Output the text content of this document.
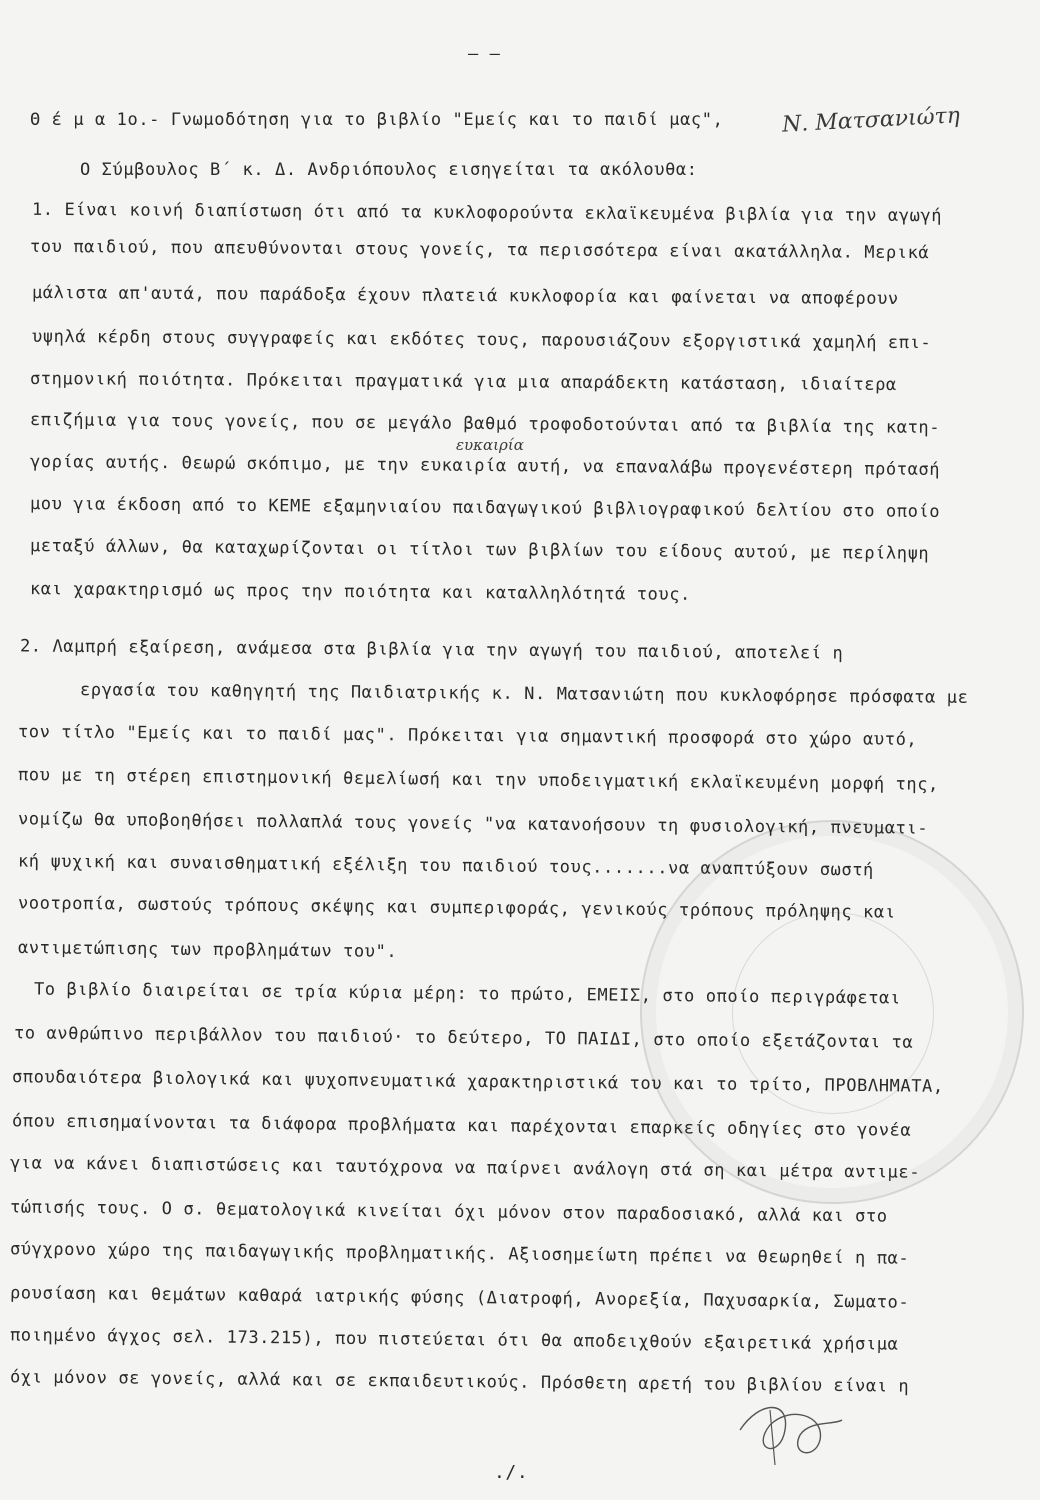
– –
Θ έ μ α 1ο.- Γνωμοδότηση για το βιβλίο "Εμείς και το παιδί μας",	Ν. Ματσανιώτη
Ο Σύμβουλος Β΄ κ. Δ. Ανδριόπουλος εισηγείται τα ακόλουθα:
1. Είναι κοινή διαπίστωση ότι από τα κυκλοφορούντα εκλαϊκευμένα βιβλία για την αγωγή
του παιδιού, που απευθύνονται στους γονείς, τα περισσότερα είναι ακατάλληλα. Μερικά
μάλιστα απ'αυτά, που παράδοξα έχουν πλατειά κυκλοφορία και φαίνεται να αποφέρουν
υψηλά κέρδη στους συγγραφείς και εκδότες τους, παρουσιάζουν εξοργιστικά χαμηλή επι-
στημονική ποιότητα. Πρόκειται πραγματικά για μια απαράδεκτη κατάσταση, ιδιαίτερα
επιζήμια για τους γονείς, που σε μεγάλο βαθμό τροφοδοτούνται από τα βιβλία της κατη-
ευκαιρία
γορίας αυτής. Θεωρώ σκόπιμο, με την ευκαιρία αυτή, να επαναλάβω προγενέστερη πρότασή
μου για έκδοση από το ΚΕΜΕ εξαμηνιαίου παιδαγωγικού βιβλιογραφικού δελτίου στο οποίο
μεταξύ άλλων, θα καταχωρίζονται οι τίτλοι των βιβλίων του είδους αυτού, με περίληψη
και χαρακτηρισμό ως προς την ποιότητα και καταλληλότητά τους.
2. Λαμπρή εξαίρεση, ανάμεσα στα βιβλία για την αγωγή του παιδιού, αποτελεί η
εργασία του καθηγητή της Παιδιατρικής κ. Ν. Ματσανιώτη που κυκλοφόρησε πρόσφατα με
τον τίτλο "Εμείς και το παιδί μας". Πρόκειται για σημαντική προσφορά στο χώρο αυτό,
που με τη στέρεη επιστημονική θεμελίωσή και την υποδειγματική εκλαϊκευμένη μορφή της,
νομίζω θα υποβοηθήσει πολλαπλά τους γονείς "να κατανοήσουν τη φυσιολογική, πνευματι-
κή ψυχική και συναισθηματική εξέλιξη του παιδιού τους.......να αναπτύξουν σωστή
νοοτροπία, σωστούς τρόπους σκέψης και συμπεριφοράς, γενικούς τρόπους πρόληψης και
αντιμετώπισης των προβλημάτων του".
Το βιβλίο διαιρείται σε τρία κύρια μέρη: το πρώτο, ΕΜΕΙΣ, στο οποίο περιγράφεται
το ανθρώπινο περιβάλλον του παιδιού· το δεύτερο, ΤΟ ΠΑΙΔΙ, στο οποίο εξετάζονται τα
σπουδαιότερα βιολογικά και ψυχοπνευματικά χαρακτηριστικά του και το τρίτο, ΠΡΟΒΛΗΜΑΤΑ,
όπου επισημαίνονται τα διάφορα προβλήματα και παρέχονται επαρκείς οδηγίες στο γονέα
για να κάνει διαπιστώσεις και ταυτόχρονα να παίρνει ανάλογη στά ση και μέτρα αντιμε-
τώπισής τους. Ο σ. θεματολογικά κινείται όχι μόνον στον παραδοσιακό, αλλά και στο
σύγχρονο χώρο της παιδαγωγικής προβληματικής. Αξιοσημείωτη πρέπει να θεωρηθεί η πα-
ρουσίαση και θεμάτων καθαρά ιατρικής φύσης (Διατροφή, Ανορεξία, Παχυσαρκία, Σωματο-
ποιημένο άγχος σελ. 173.215), που πιστεύεται ότι θα αποδειχθούν εξαιρετικά χρήσιμα
όχι μόνον σε γονείς, αλλά και σε εκπαιδευτικούς. Πρόσθετη αρετή του βιβλίου είναι η
./.
